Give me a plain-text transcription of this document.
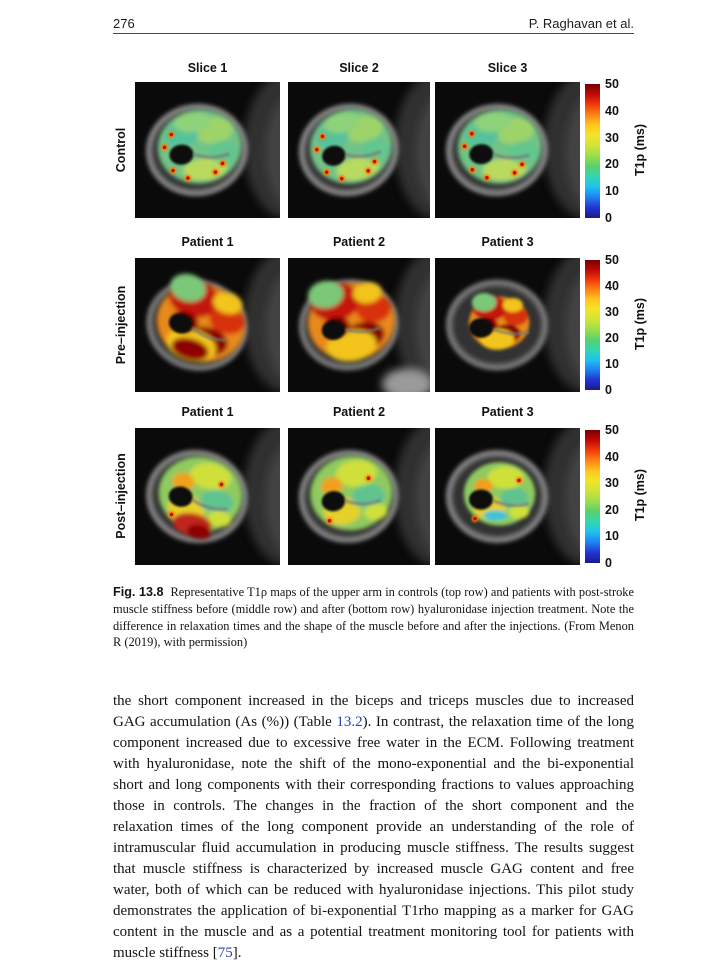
276	P. Raghavan et al.
Slice 1	Slice 2	Slice 3
Control
50
40
30
20
10
0
T1p (ms)
Patient 1	Patient 2	Patient 3
Pre–injection
50
40
30
20
10
0
T1p (ms)
Patient 1	Patient 2	Patient 3
Post–injection
50
40
30
20
10
0
T1p (ms)

Fig. 13.8 Representative T1ρ maps of the upper arm in controls (top row) and patients with post-stroke muscle stiffness before (middle row) and after (bottom row) hyaluronidase injection treatment. Note the difference in relaxation times and the shape of the muscle before and after the injections. (From Menon R (2019), with permission)

the short component increased in the biceps and triceps muscles due to increased GAG accumulation (As (%)) (Table 13.2). In contrast, the relaxation time of the long component increased due to excessive free water in the ECM. Following treatment with hyaluronidase, note the shift of the mono-exponential and the bi-exponential short and long components with their corresponding fractions to values approaching those in controls. The changes in the fraction of the short component and the relaxation times of the long component provide an understanding of the role of intramuscular fluid accumulation in producing muscle stiffness. The results suggest that muscle stiffness is characterized by increased muscle GAG content and free water, both of which can be reduced with hyaluronidase injections. This pilot study demonstrates the application of bi-exponential T1rho mapping as a marker for GAG content in the muscle and as a potential treatment monitoring tool for patients with muscle stiffness [75].
